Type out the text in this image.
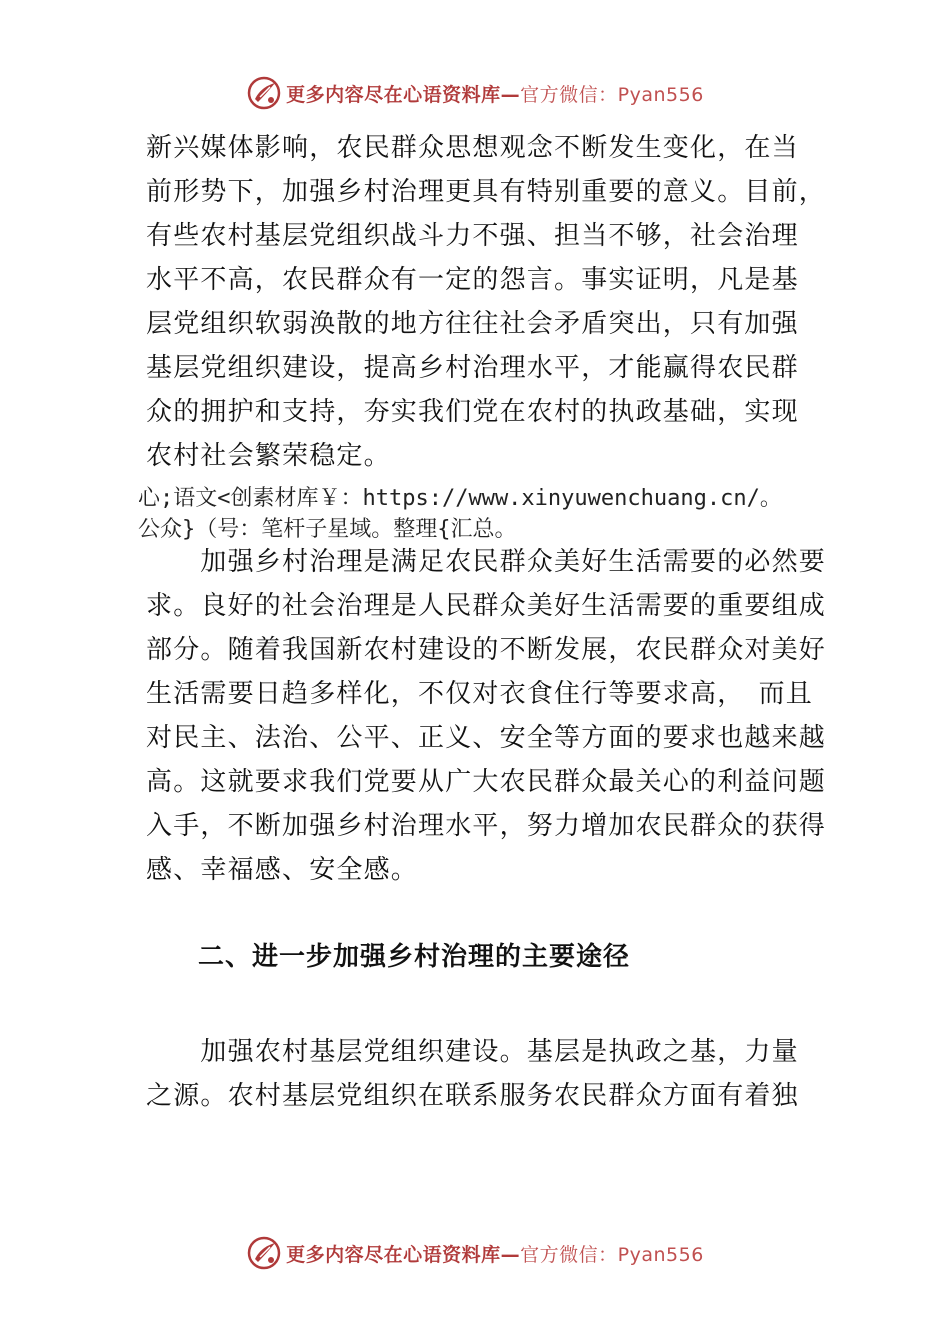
更多内容尽在心语资料库—官方微信：Pyan556
新兴媒体影响，农民群众思想观念不断发生变化，在当
前形势下，加强乡村治理更具有特别重要的意义。目前，
有些农村基层党组织战斗力不强、担当不够，社会治理
水平不高，农民群众有一定的怨言。事实证明，凡是基
层党组织软弱涣散的地方往往社会矛盾突出，只有加强
基层党组织建设，提高乡村治理水平，才能赢得农民群
众的拥护和支持，夯实我们党在农村的执政基础，实现
农村社会繁荣稳定。
心;语文<创素材库￥：https://www.xinyuwenchuang.cn/。
公众}（号：笔杆子星域。整理{汇总。
　　加强乡村治理是满足农民群众美好生活需要的必然要
求。良好的社会治理是人民群众美好生活需要的重要组成
部分。随着我国新农村建设的不断发展，农民群众对美好
生活需要日趋多样化，不仅对衣食住行等要求高，　而且
对民主、法治、公平、正义、安全等方面的要求也越来越
高。这就要求我们党要从广大农民群众最关心的利益问题
入手，不断加强乡村治理水平，努力增加农民群众的获得
感、幸福感、安全感。
二、进一步加强乡村治理的主要途径
　　加强农村基层党组织建设。基层是执政之基，力量
之源。农村基层党组织在联系服务农民群众方面有着独
更多内容尽在心语资料库—官方微信：Pyan556
